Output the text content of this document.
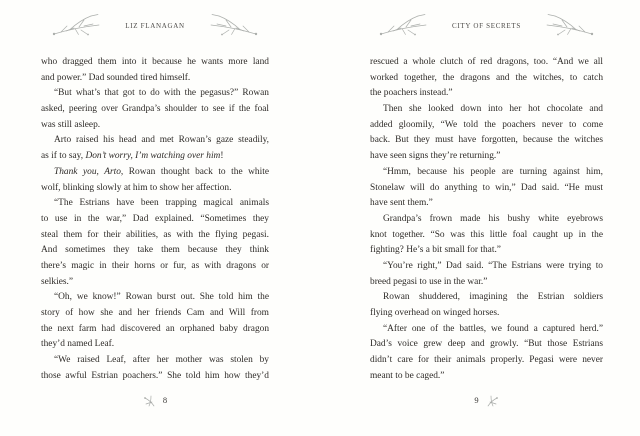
LIZ FLANAGAN
who dragged them into it because he wants more land
and power.” Dad sounded tired himself.
“But what’s that got to do with the pegasus?” Rowan
asked, peering over Grandpa’s shoulder to see if the foal
was still asleep.
Arto raised his head and met Rowan’s gaze steadily,
as if to say, Don’t worry, I’m watching over him!
Thank you, Arto, Rowan thought back to the white
wolf, blinking slowly at him to show her affection.
“The Estrians have been trapping magical animals
to use in the war,” Dad explained. “Sometimes they
steal them for their abilities, as with the flying pegasi.
And sometimes they take them because they think
there’s magic in their horns or fur, as with dragons or
selkies.”
“Oh, we know!” Rowan burst out. She told him the
story of how she and her friends Cam and Will from
the next farm had discovered an orphaned baby dragon
they’d named Leaf.
“We raised Leaf, after her mother was stolen by
those awful Estrian poachers.” She told him how they’d
8
CITY OF SECRETS
rescued a whole clutch of red dragons, too. “And we all
worked together, the dragons and the witches, to catch
the poachers instead.”
Then she looked down into her hot chocolate and
added gloomily, “We told the poachers never to come
back. But they must have forgotten, because the witches
have seen signs they’re returning.”
“Hmm, because his people are turning against him,
Stonelaw will do anything to win,” Dad said. “He must
have sent them.”
Grandpa’s frown made his bushy white eyebrows
knot together. “So was this little foal caught up in the
fighting? He’s a bit small for that.”
“You’re right,” Dad said. “The Estrians were trying to
breed pegasi to use in the war.”
Rowan shuddered, imagining the Estrian soldiers
flying overhead on winged horses.
“After one of the battles, we found a captured herd.”
Dad’s voice grew deep and growly. “But those Estrians
didn’t care for their animals properly. Pegasi were never
meant to be caged.”
9
